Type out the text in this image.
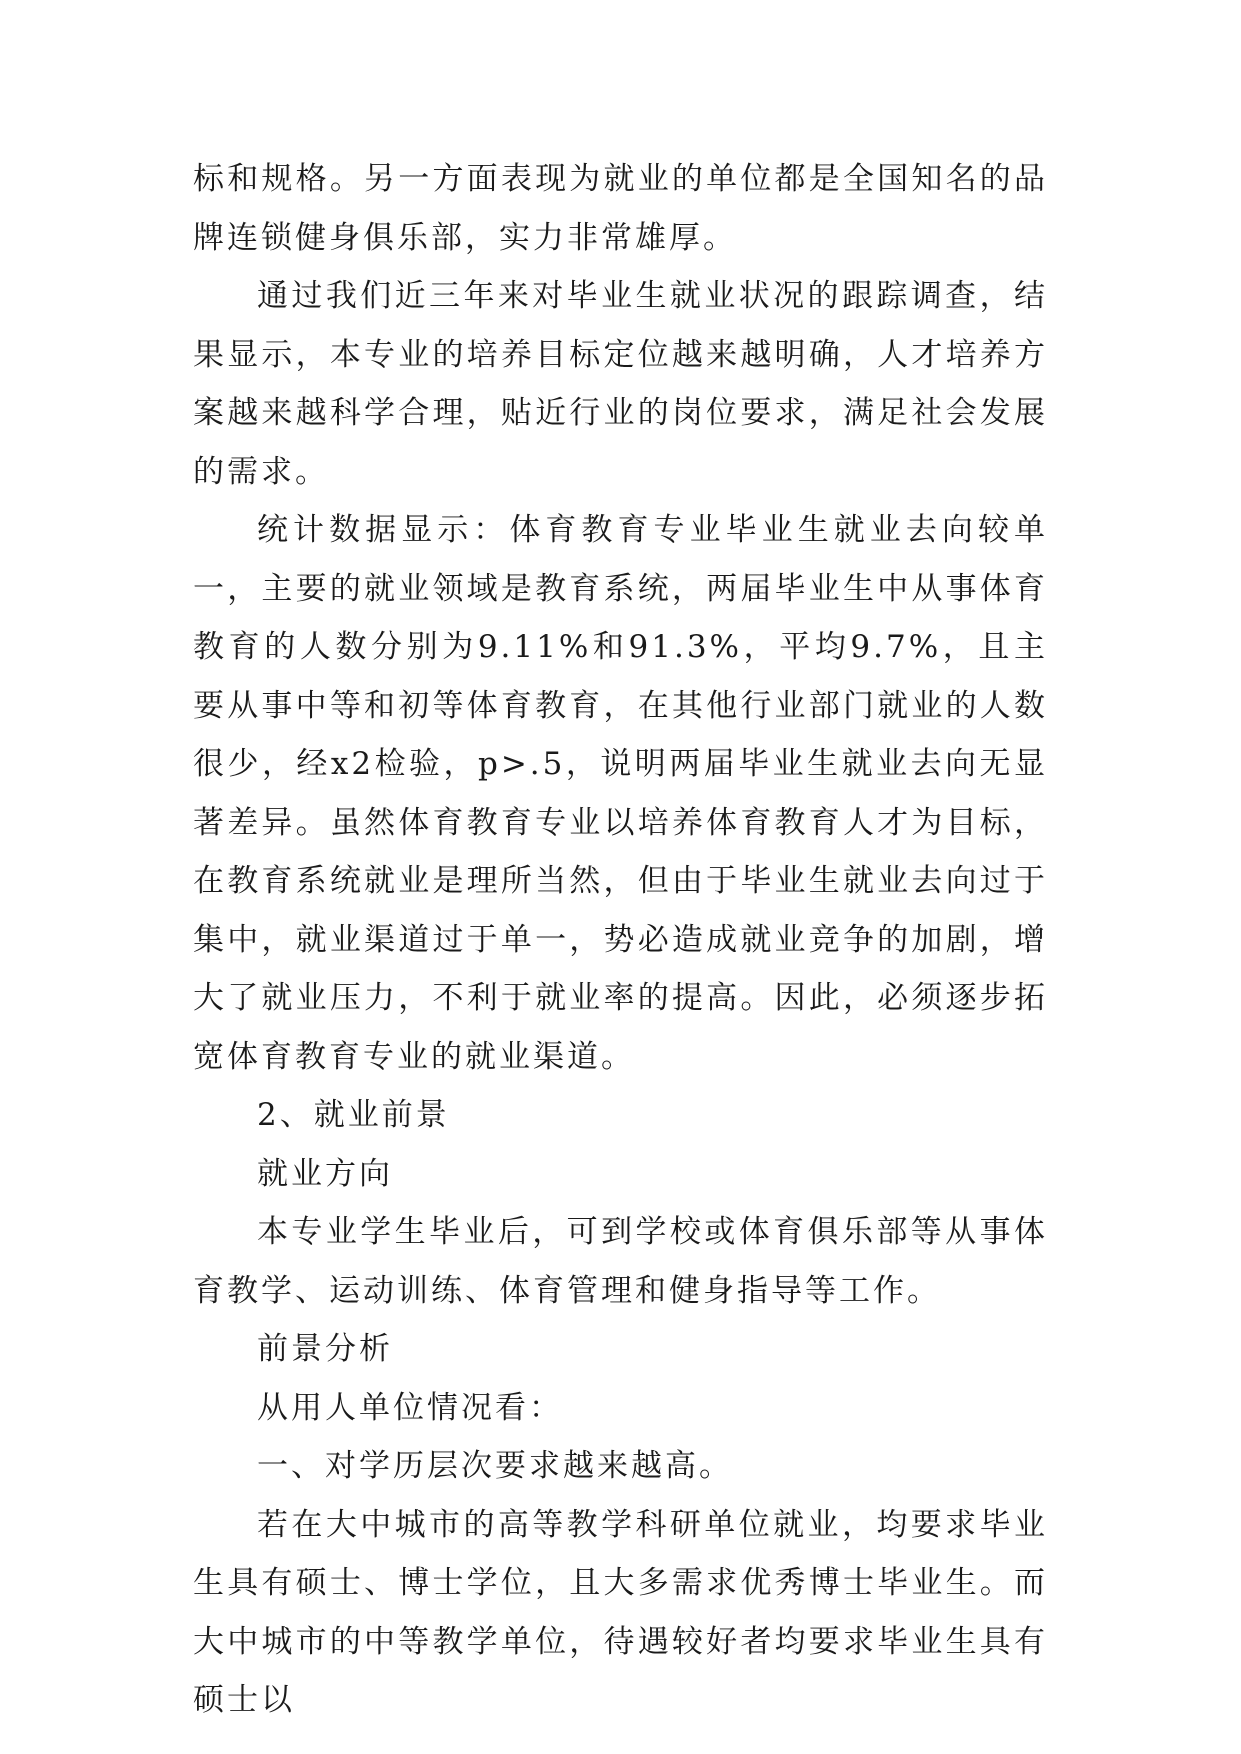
标和规格。另一方面表现为就业的单位都是全国知名的品牌连锁健身俱乐部，实力非常雄厚。

通过我们近三年来对毕业生就业状况的跟踪调查，结果显示，本专业的培养目标定位越来越明确，人才培养方案越来越科学合理，贴近行业的岗位要求，满足社会发展的需求。

统计数据显示：体育教育专业毕业生就业去向较单一，主要的就业领域是教育系统，两届毕业生中从事体育教育的人数分别为9.11%和91.3%，平均9.7%，且主要从事中等和初等体育教育，在其他行业部门就业的人数很少，经x2检验，p>.5，说明两届毕业生就业去向无显著差异。虽然体育教育专业以培养体育教育人才为目标，在教育系统就业是理所当然，但由于毕业生就业去向过于集中，就业渠道过于单一，势必造成就业竞争的加剧，增大了就业压力，不利于就业率的提高。因此，必须逐步拓宽体育教育专业的就业渠道。

2、就业前景

就业方向

本专业学生毕业后，可到学校或体育俱乐部等从事体育教学、运动训练、体育管理和健身指导等工作。

前景分析

从用人单位情况看：

一、对学历层次要求越来越高。

若在大中城市的高等教学科研单位就业，均要求毕业生具有硕士、博士学位，且大多需求优秀博士毕业生。而大中城市的中等教学单位，待遇较好者均要求毕业生具有硕士以
